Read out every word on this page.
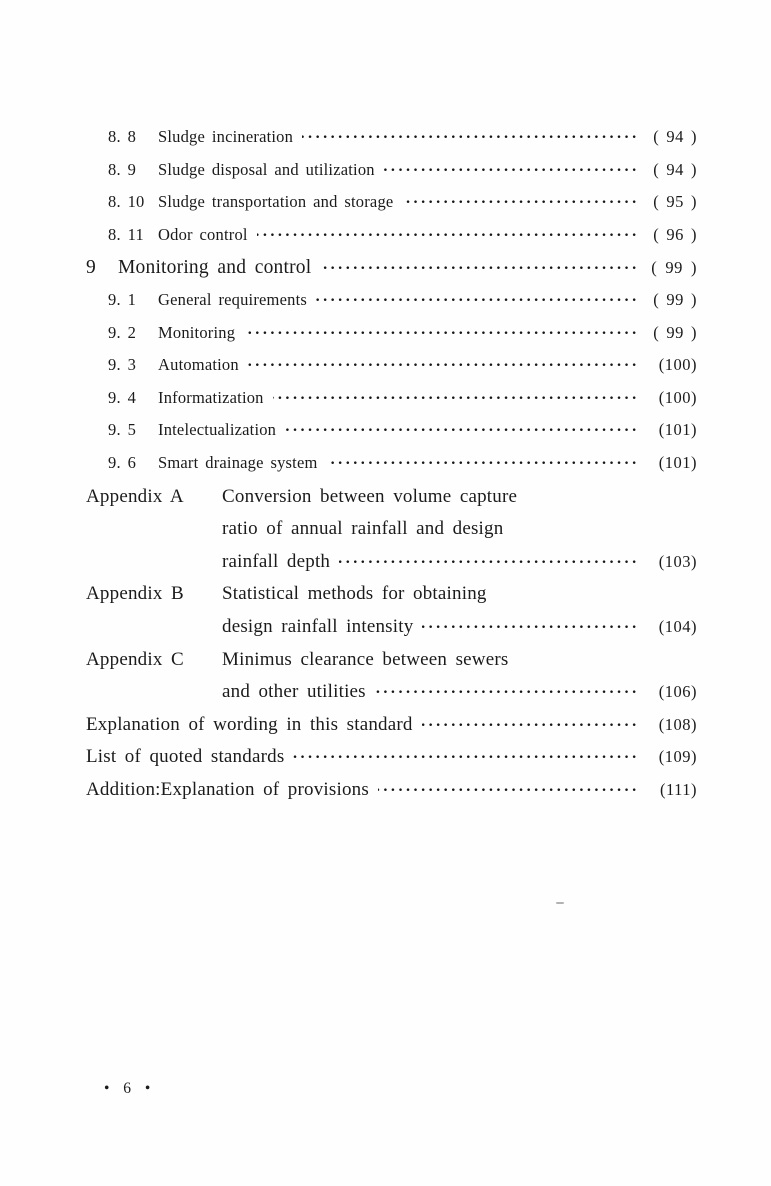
8. 8	Sludge incineration ·····	( 94 )
8. 9	Sludge disposal and utilization ·····	( 94 )
8. 10 Sludge transportation and storage ·····	( 95 )
8. 11 Odor control ·····	( 96 )
9	Monitoring and control ·····	( 99 )
9. 1	General requirements ·····	( 99 )
9. 2	Monitoring ·····	( 99 )
9. 3	Automation ·····	(100)
9. 4	Informatization ·····	(100)
9. 5	Intelectualization ·····	(101)
9. 6	Smart drainage system ·····	(101)
Appendix A	Conversion between volume capture
ratio of annual rainfall and design
rainfall depth ·····	(103)
Appendix B	Statistical methods for obtaining
design rainfall intensity ·····	(104)
Appendix C	Minimus clearance between sewers
and other utilities ·····	(106)
Explanation of wording in this standard ·····	(108)
List of quoted standards ·····	(109)
Addition:Explanation of provisions ·····	(111)
• 6 •
